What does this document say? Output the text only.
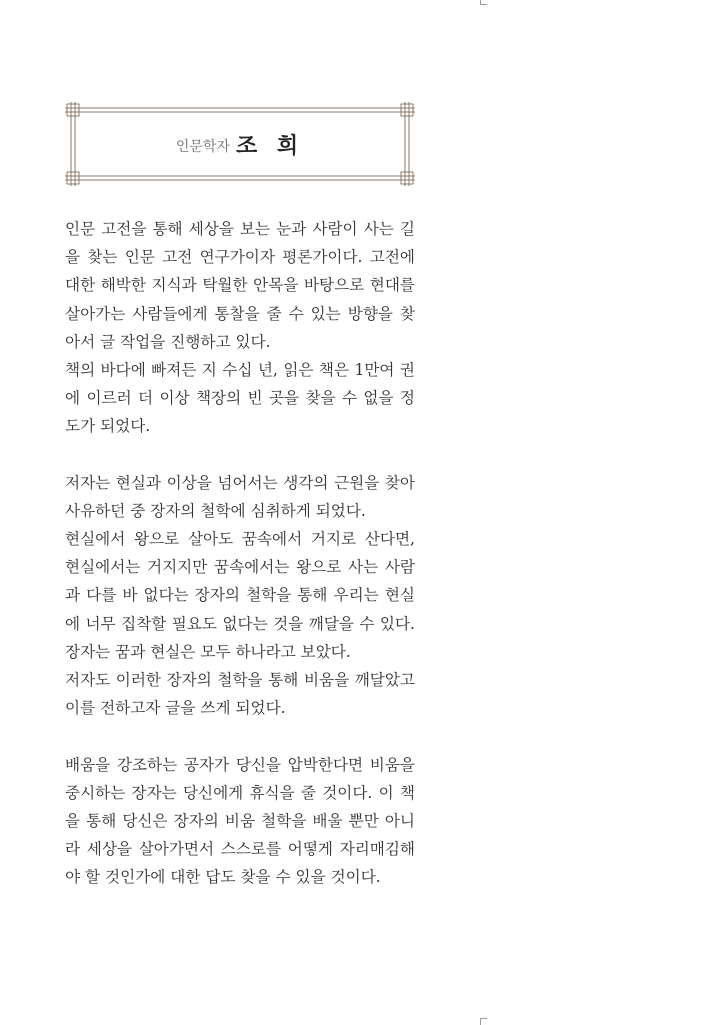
인문학자 조 희
인문 고전을 통해 세상을 보는 눈과 사람이 사는 길
을 찾는 인문 고전 연구가이자 평론가이다. 고전에
대한 해박한 지식과 탁월한 안목을 바탕으로 현대를
살아가는 사람들에게 통찰을 줄 수 있는 방향을 찾
아서 글 작업을 진행하고 있다.
책의 바다에 빠져든 지 수십 년, 읽은 책은 1만여 권
에 이르러 더 이상 책장의 빈 곳을 찾을 수 없을 정
도가 되었다.
저자는 현실과 이상을 넘어서는 생각의 근원을 찾아
사유하던 중 장자의 철학에 심취하게 되었다.
현실에서 왕으로 살아도 꿈속에서 거지로 산다면,
현실에서는 거지지만 꿈속에서는 왕으로 사는 사람
과 다를 바 없다는 장자의 철학을 통해 우리는 현실
에 너무 집착할 필요도 없다는 것을 깨달을 수 있다.
장자는 꿈과 현실은 모두 하나라고 보았다.
저자도 이러한 장자의 철학을 통해 비움을 깨달았고
이를 전하고자 글을 쓰게 되었다.
배움을 강조하는 공자가 당신을 압박한다면 비움을
중시하는 장자는 당신에게 휴식을 줄 것이다. 이 책
을 통해 당신은 장자의 비움 철학을 배울 뿐만 아니
라 세상을 살아가면서 스스로를 어떻게 자리매김해
야 할 것인가에 대한 답도 찾을 수 있을 것이다.
